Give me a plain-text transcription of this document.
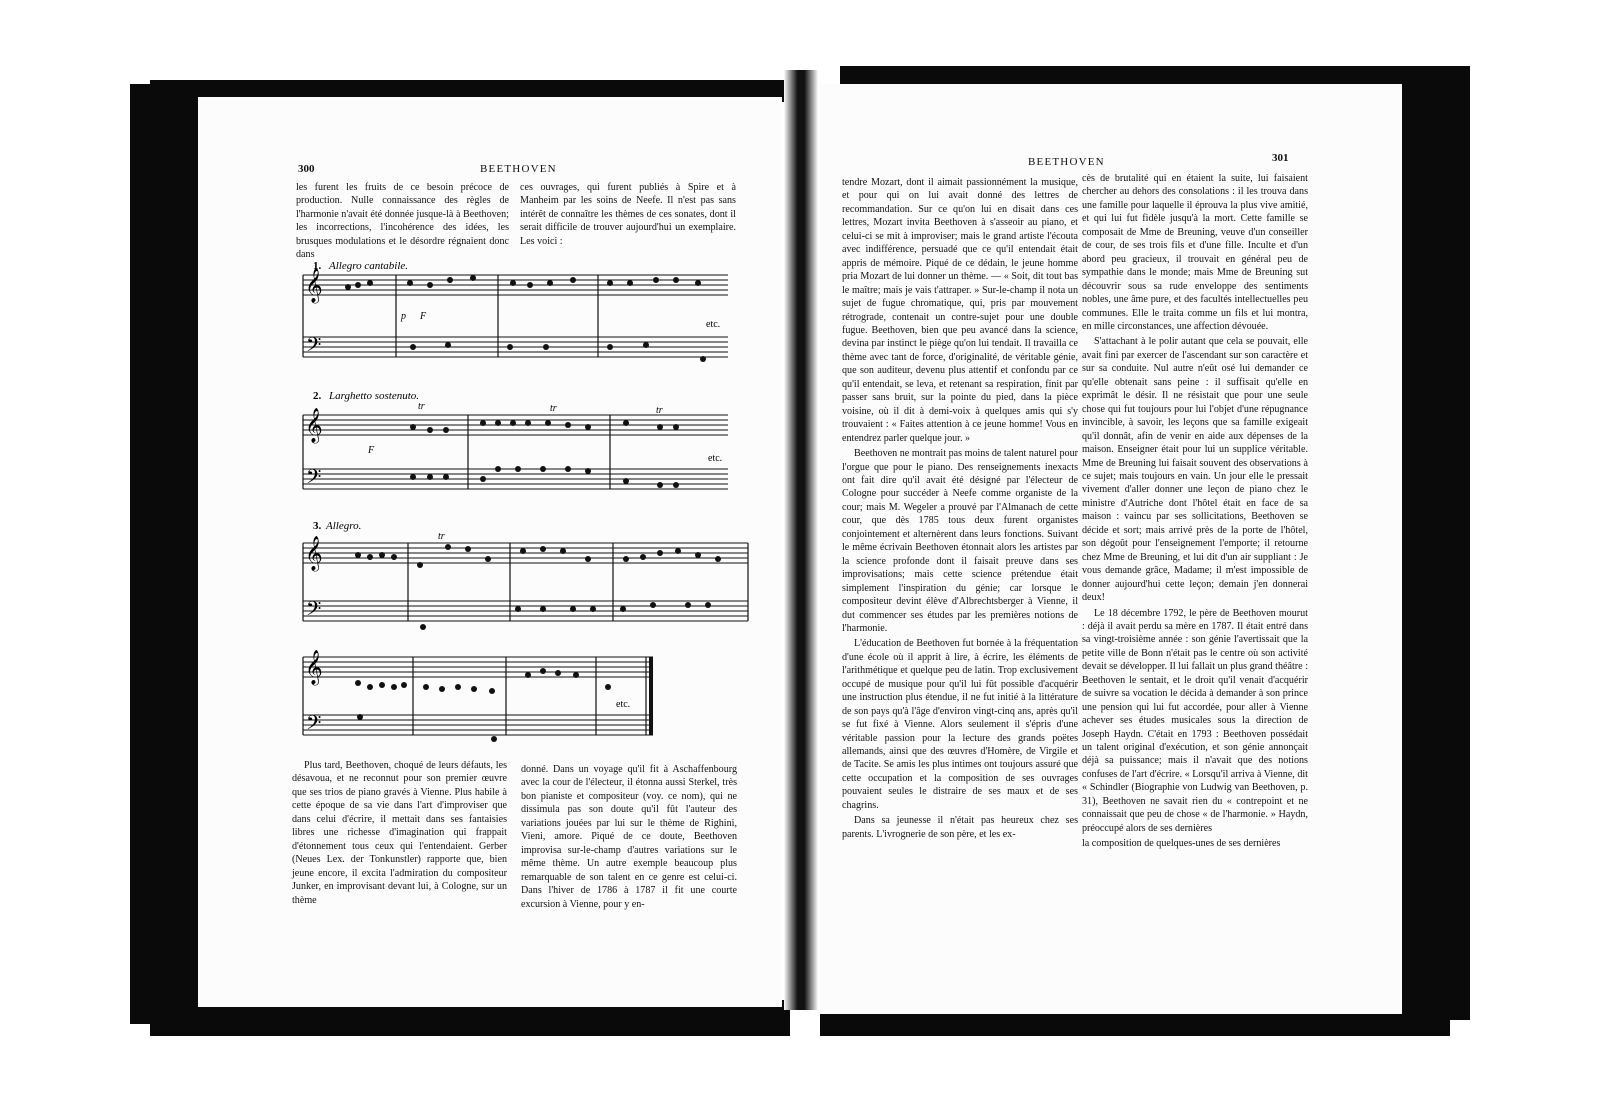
300	BEETHOVEN

les furent les fruits de ce besoin précoce de production. Nulle connaissance des règles de l'harmonie n'avait été donnée jusque-là à Beethoven; les incorrections, l'incohérence des idées, les brusques modulations et le désordre régnaient donc dans

ces ouvrages, qui furent publiés à Spire et à Manheim par les soins de Neefe. Il n'est pas sans intérêt de connaître les thèmes de ces sonates, dont il serait difficile de trouver aujourd'hui un exemplaire. Les voici :

1. Allegro cantabile.
𝄞
𝄢
p F
etc.
2. Larghetto sostenuto.
𝄞
𝄢
tr	tr	tr
F
etc.
3. Allegro.
𝄞
𝄢
tr
𝄞
𝄢
etc.

Plus tard, Beethoven, choqué de leurs défauts, les désavoua, et ne reconnut pour son premier œuvre que ses trios de piano gravés à Vienne. Plus habile à cette époque de sa vie dans l'art d'improviser que dans celui d'écrire, il mettait dans ses fantaisies libres une richesse d'imagination qui frappait d'étonnement tous ceux qui l'entendaient. Gerber (Neues Lex. der Tonkunstler) rapporte que, bien jeune encore, il excita l'admiration du compositeur Junker, en improvisant devant lui, à Cologne, sur un thème

donné. Dans un voyage qu'il fit à Aschaffenbourg avec la cour de l'électeur, il étonna aussi Sterkel, très bon pianiste et compositeur (voy. ce nom), qui ne dissimula pas son doute qu'il fût l'auteur des variations jouées par lui sur le thème de Righini, Vieni, amore. Piqué de ce doute, Beethoven improvisa sur-le-champ d'autres variations sur le même thème. Un autre exemple beaucoup plus remarquable de son talent en ce genre est celui-ci. Dans l'hiver de 1786 à 1787 il fit une courte excursion à Vienne, pour y en-

BEETHOVEN	301

tendre Mozart, dont il aimait passionnément la musique, et pour qui on lui avait donné des lettres de recommandation. Sur ce qu'on lui en disait dans ces lettres, Mozart invita Beethoven à s'asseoir au piano, et celui-ci se mit à improviser; mais le grand artiste l'écouta avec indifférence, persuadé que ce qu'il entendait était appris de mémoire. Piqué de ce dédain, le jeune homme pria Mozart de lui donner un thème. — « Soit, dit tout bas le maître; mais je vais t'attraper. » Sur-le-champ il nota un sujet de fugue chromatique, qui, pris par mouvement rétrograde, contenait un contre-sujet pour une double fugue. Beethoven, bien que peu avancé dans la science, devina par instinct le piège qu'on lui tendait. Il travailla ce thème avec tant de force, d'originalité, de véritable génie, que son auditeur, devenu plus attentif et confondu par ce qu'il entendait, se leva, et retenant sa respiration, finit par passer sans bruit, sur la pointe du pied, dans la pièce voisine, où il dit à demi-voix à quelques amis qui s'y trouvaient : « Faites attention à ce jeune homme! Vous en entendrez parler quelque jour. »

Beethoven ne montrait pas moins de talent naturel pour l'orgue que pour le piano. Des renseignements inexacts ont fait dire qu'il avait été désigné par l'électeur de Cologne pour succéder à Neefe comme organiste de la cour; mais M. Wegeler a prouvé par l'Almanach de cette cour, que dès 1785 tous deux furent organistes conjointement et alternèrent dans leurs fonctions. Suivant le même écrivain Beethoven étonnait alors les artistes par la science profonde dont il faisait preuve dans ses improvisations; mais cette science prétendue était simplement l'inspiration du génie; car lorsque le compositeur devint élève d'Albrechtsberger à Vienne, il dut commencer ses études par les premières notions de l'harmonie.

L'éducation de Beethoven fut bornée à la fréquentation d'une école où il apprit à lire, à écrire, les éléments de l'arithmétique et quelque peu de latin. Trop exclusivement occupé de musique pour qu'il lui fût possible d'acquérir une instruction plus étendue, il ne fut initié à la littérature de son pays qu'à l'âge d'environ vingt-cinq ans, après qu'il se fut fixé à Vienne. Alors seulement il s'épris d'une véritable passion pour la lecture des grands poëtes allemands, ainsi que des œuvres d'Homère, de Virgile et de Tacite. Se amis les plus intimes ont toujours assuré que cette occupation et la composition de ses ouvrages pouvaient seules le distraire de ses maux et de ses chagrins.

Dans sa jeunesse il n'était pas heureux chez ses parents. L'ivrognerie de son père, et les ex-

cès de brutalité qui en étaient la suite, lui faisaient chercher au dehors des consolations : il les trouva dans une famille pour laquelle il éprouva la plus vive amitié, et qui lui fut fidèle jusqu'à la mort. Cette famille se composait de Mme de Breuning, veuve d'un conseiller de cour, de ses trois fils et d'une fille. Inculte et d'un abord peu gracieux, il trouvait en général peu de sympathie dans le monde; mais Mme de Breuning sut découvrir sous sa rude enveloppe des sentiments nobles, une âme pure, et des facultés intellectuelles peu communes. Elle le traita comme un fils et lui montra, en mille circonstances, une affection dévouée.

S'attachant à le polir autant que cela se pouvait, elle avait fini par exercer de l'ascendant sur son caractère et sur sa conduite. Nul autre n'eût osé lui demander ce qu'elle obtenait sans peine : il suffisait qu'elle en exprimât le désir. Il ne résistait que pour une seule chose qui fut toujours pour lui l'objet d'une répugnance invincible, à savoir, les leçons que sa famille exigeait qu'il donnât, afin de venir en aide aux dépenses de la maison. Enseigner était pour lui un supplice véritable. Mme de Breuning lui faisait souvent des observations à ce sujet; mais toujours en vain. Un jour elle le pressait vivement d'aller donner une leçon de piano chez le ministre d'Autriche dont l'hôtel était en face de sa maison : vaincu par ses sollicitations, Beethoven se décide et sort; mais arrivé près de la porte de l'hôtel, son dégoût pour l'enseignement l'emporte; il retourne chez Mme de Breuning, et lui dit d'un air suppliant : Je vous demande grâce, Madame; il m'est impossible de donner aujourd'hui cette leçon; demain j'en donnerai deux!

Le 18 décembre 1792, le père de Beethoven mourut : déjà il avait perdu sa mère en 1787. Il était entré dans sa vingt-troisième année : son génie l'avertissait que la petite ville de Bonn n'était pas le centre où son activité devait se développer. Il lui fallait un plus grand théâtre : Beethoven le sentait, et le droit qu'il venait d'acquérir de suivre sa vocation le décida à demander à son prince une pension qui lui fut accordée, pour aller à Vienne achever ses études musicales sous la direction de Joseph Haydn. C'était en 1793 : Beethoven possédait un talent original d'exécution, et son génie annonçait déjà sa puissance; mais il n'avait que des notions confuses de l'art d'écrire. « Lorsqu'il arriva à Vienne, dit « Schindler (Biographie von Ludwig van Beethoven, p. 31), Beethoven ne savait rien du « contrepoint et ne connaissait que peu de chose « de l'harmonie. » Haydn, préoccupé alors de ses dernières

la composition de quelques-unes de ses dernières
